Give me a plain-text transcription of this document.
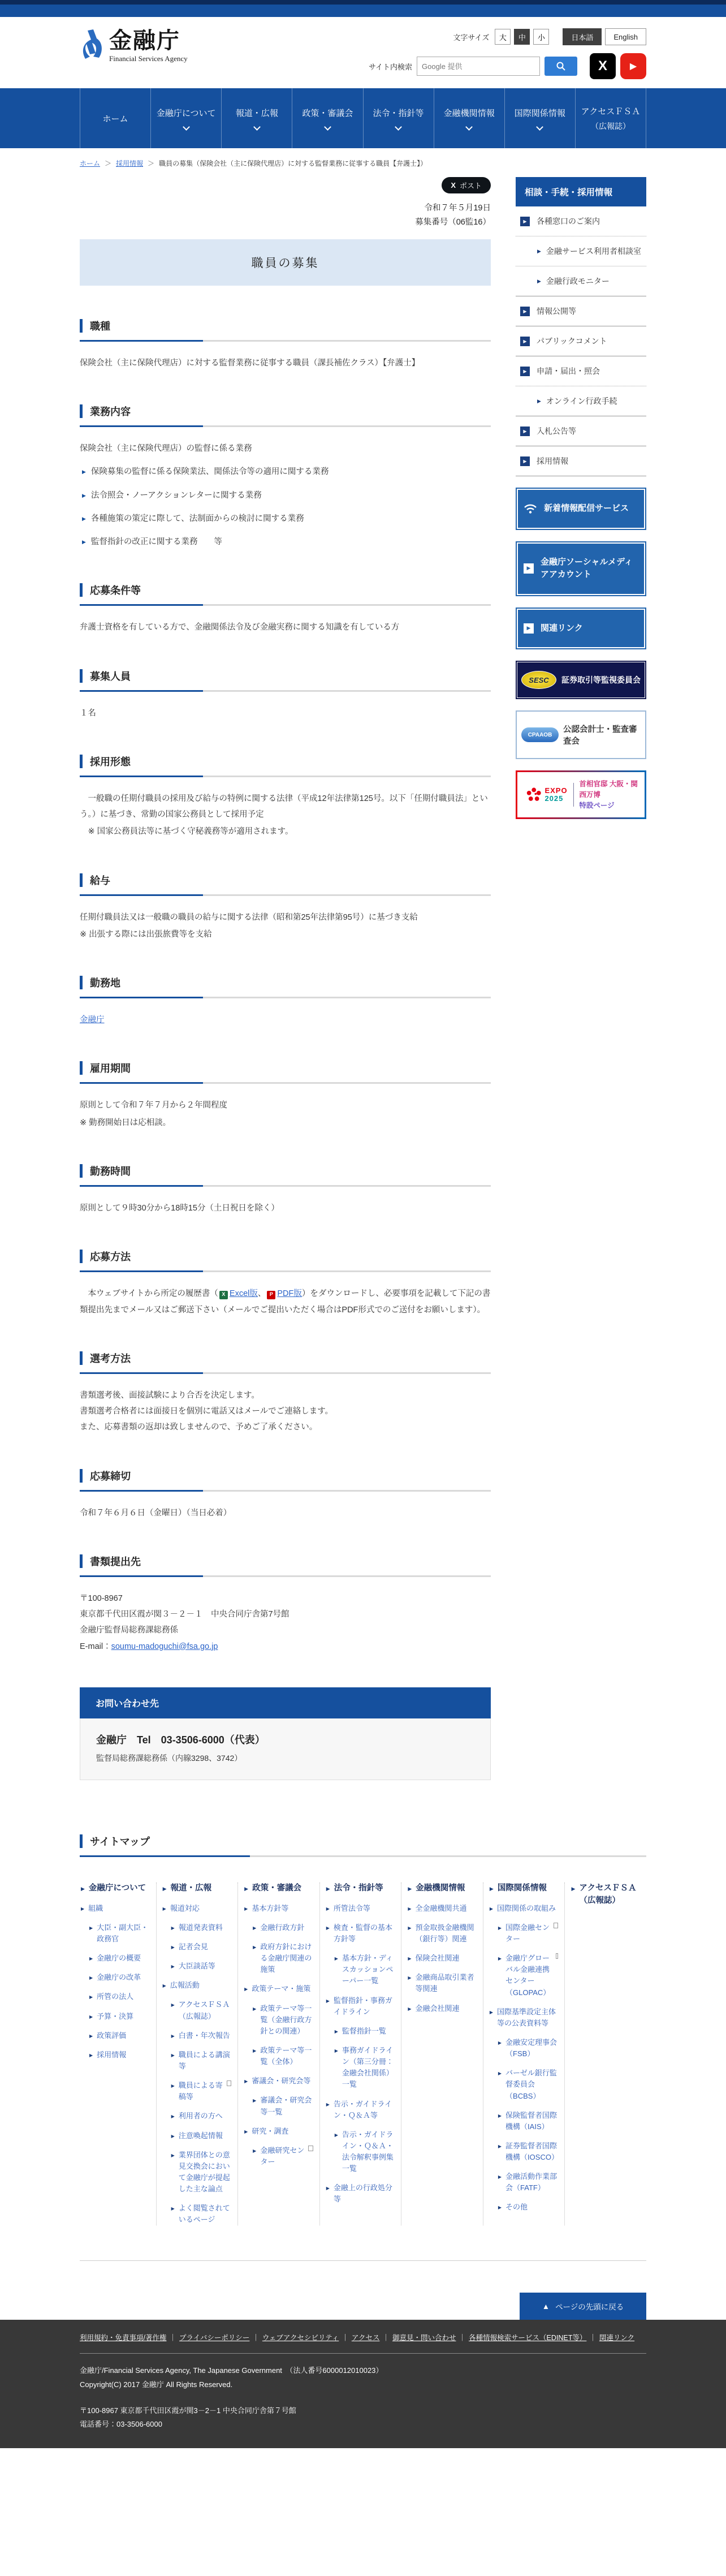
金融庁
Financial Services Agency
文字サイズ	大	中	小	日本語	English
サイト内検索
Google 提供	X	▶
ホーム
金融庁について 報道・広報	政策・審議会 法令・指針等 金融機関情報 国際関係情報 アクセスＦＳＡ
（広報誌）
ホーム ＞ 採用情報 ＞ 職員の募集（保険会社（主に保険代理店）に対する監督業務に従事する職員【弁護士】）
X ポスト
令和７年５月19日
募集番号（06監16）
職員の募集
職種
保険会社（主に保険代理店）に対する監督業務に従事する職員（課長補佐クラス）【弁護士】
業務内容
保険会社（主に保険代理店）の監督に係る業務
▶ 保険募集の監督に係る保険業法、関係法令等の適用に関する業務
▶ 法令照会・ノーアクションレターに関する業務
▶ 各種施策の策定に際して、法制面からの検討に関する業務
▶ 監督指針の改正に関する業務　　等
応募条件等
弁護士資格を有している方で、金融関係法令及び金融実務に関する知識を有している方
募集人員
１名
採用形態
　一般職の任期付職員の採用及び給与の特例に関する法律（平成12年法律第125号。以下「任期付職員法」という。）に基づき、常勤の国家公務員として採用予定
　※ 国家公務員法等に基づく守秘義務等が適用されます。
給与
任期付職員法又は一般職の職員の給与に関する法律（昭和第25年法律第95号）に基づき支給
※ 出張する際には出張旅費等を支給
勤務地
金融庁
雇用期間
原則として令和７年７月から２年間程度
※ 勤務開始日は応相談。
勤務時間
原則として９時30分から18時15分（土日祝日を除く）
応募方法
　本ウェブサイトから所定の履歴書（ X Excel版、 P PDF版）をダウンロードし、必要事項を記載して下記の書類提出先までメール又はご郵送下さい（メールでご提出いただく場合はPDF形式でのご送付をお願いします）。
選考方法
書類選考後、面接試験により合否を決定します。
書類選考合格者には面接日を個別に電話又はメールでご連絡します。
また、応募書類の返却は致しませんので、予めご了承ください。
応募締切
令和７年６月６日（金曜日）（当日必着）
書類提出先
〒100-8967
東京都千代田区霞が関３－２－１　中央合同庁舎第7号館
金融庁監督局総務課総務係
E-mail：soumu-madoguchi@fsa.go.jp
お問い合わせ先
金融庁　Tel　03-3506-6000（代表）
監督局総務課総務係（内線3298、3742）
相談・手続・採用情報
▶	各種窓口のご案内
▶ 金融サービス利用者相談室
▶ 金融行政モニター
▶	情報公開等
▶	パブリックコメント
▶	申請・届出・照会
▶ オンライン行政手続
▶	入札公告等
▶	採用情報
新着情報配信サービス
▶
金融庁ソーシャルメディアアカウント
▶	関連リンク
SESC	証券取引等監視委員会
CPAAOB
公認会計士・監査審査会
EXPO
2025
首相官邸 大阪・関西万博
特設ページ
サイトマップ
▶ 金融庁について
▶ 組織
▶ 大臣・副大臣・政務官
▶ 金融庁の概要
▶ 金融庁の改革
▶ 所管の法人
▶ 予算・決算
▶ 政策評価
▶ 採用情報
▶ 報道・広報
▶ 報道対応
▶ 報道発表資料
▶ 記者会見
▶ 大臣談話等
▶ 広報活動
▶ アクセスＦＳＡ（広報誌）
▶ 白書・年次報告
▶ 職員による講演等
▶ 職員による寄稿等
▶ 利用者の方へ
▶ 注意喚起情報
▶ 業界団体との意見交換会において金融庁が提起した主な論点
▶ よく閲覧されているページ
▶ 政策・審議会
▶ 基本方針等
▶ 金融行政方針
▶ 政府方針における金融庁関連の施策
▶ 政策テーマ・施策
▶ 政策テーマ等一覧（金融行政方針との関連）
▶ 政策テーマ等一覧（全体）
▶ 審議会・研究会等
▶ 審議会・研究会等一覧
▶ 研究・調査
▶ 金融研究センター
▶ 法令・指針等
▶ 所管法令等
▶ 検査・監督の基本方針等
▶ 基本方針・ディスカッションペーパー一覧
▶ 監督指針・事務ガイドライン
▶ 監督指針一覧
▶ 事務ガイドライン（第三分冊：金融会社関係）一覧
▶ 告示・ガイドライン・Ｑ＆Ａ等
▶ 告示・ガイドライン・Ｑ＆Ａ・法令解釈事例集一覧
▶ 金融上の行政処分等
▶ 金融機関情報
▶ 全金融機関共通
▶ 預金取扱金融機関（銀行等）関連
▶ 保険会社関連
▶ 金融商品取引業者等関連
▶ 金融会社関連
▶ 国際関係情報
▶ 国際関係の取組み
▶ 国際金融センター
▶ 金融庁グローバル金融連携センター（GLOPAC）
▶ 国際基準設定主体等の公表資料等
▶ 金融安定理事会（FSB）
▶ バーゼル銀行監督委員会（BCBS）
▶ 保険監督者国際機構（IAIS）
▶ 証券監督者国際機構（IOSCO）
▶ 金融活動作業部会（FATF）
▶ その他
▶ アクセスＦＳＡ（広報誌）
▲ ページの先頭に戻る
利用規約・免責事項/著作権 ｜ プライバシーポリシー ｜ ウェブアクセシビリティ ｜ アクセス ｜ 御意見・問い合わせ ｜ 各種情報検索サービス（EDINET等） ｜ 関連リンク
金融庁/Financial Services Agency, The Japanese Government　（法人番号6000012010023）
Copyright(C) 2017 金融庁 All Rights Reserved.
〒100-8967 東京都千代田区霞が関3－2－1 中央合同庁舎第７号館
電話番号：03-3506-6000
